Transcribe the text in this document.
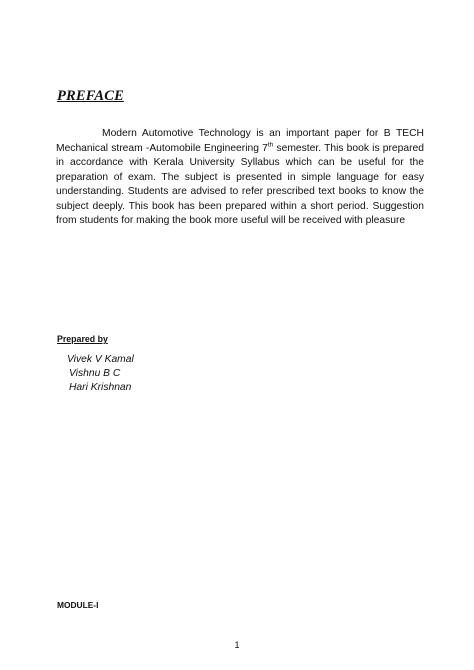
PREFACE

Modern Automotive Technology is an important paper for B TECH Mechanical stream -Automobile Engineering 7th semester. This book is prepared in accordance with Kerala University Syllabus which can be useful for the preparation of exam. The subject is presented in simple language for easy understanding. Students are advised to refer prescribed text books to know the subject deeply. This book has been prepared within a short period. Suggestion from students for making the book more useful will be received with pleasure

Prepared by
Vivek V Kamal
Vishnu B C
Hari Krishnan
MODULE-I
1
